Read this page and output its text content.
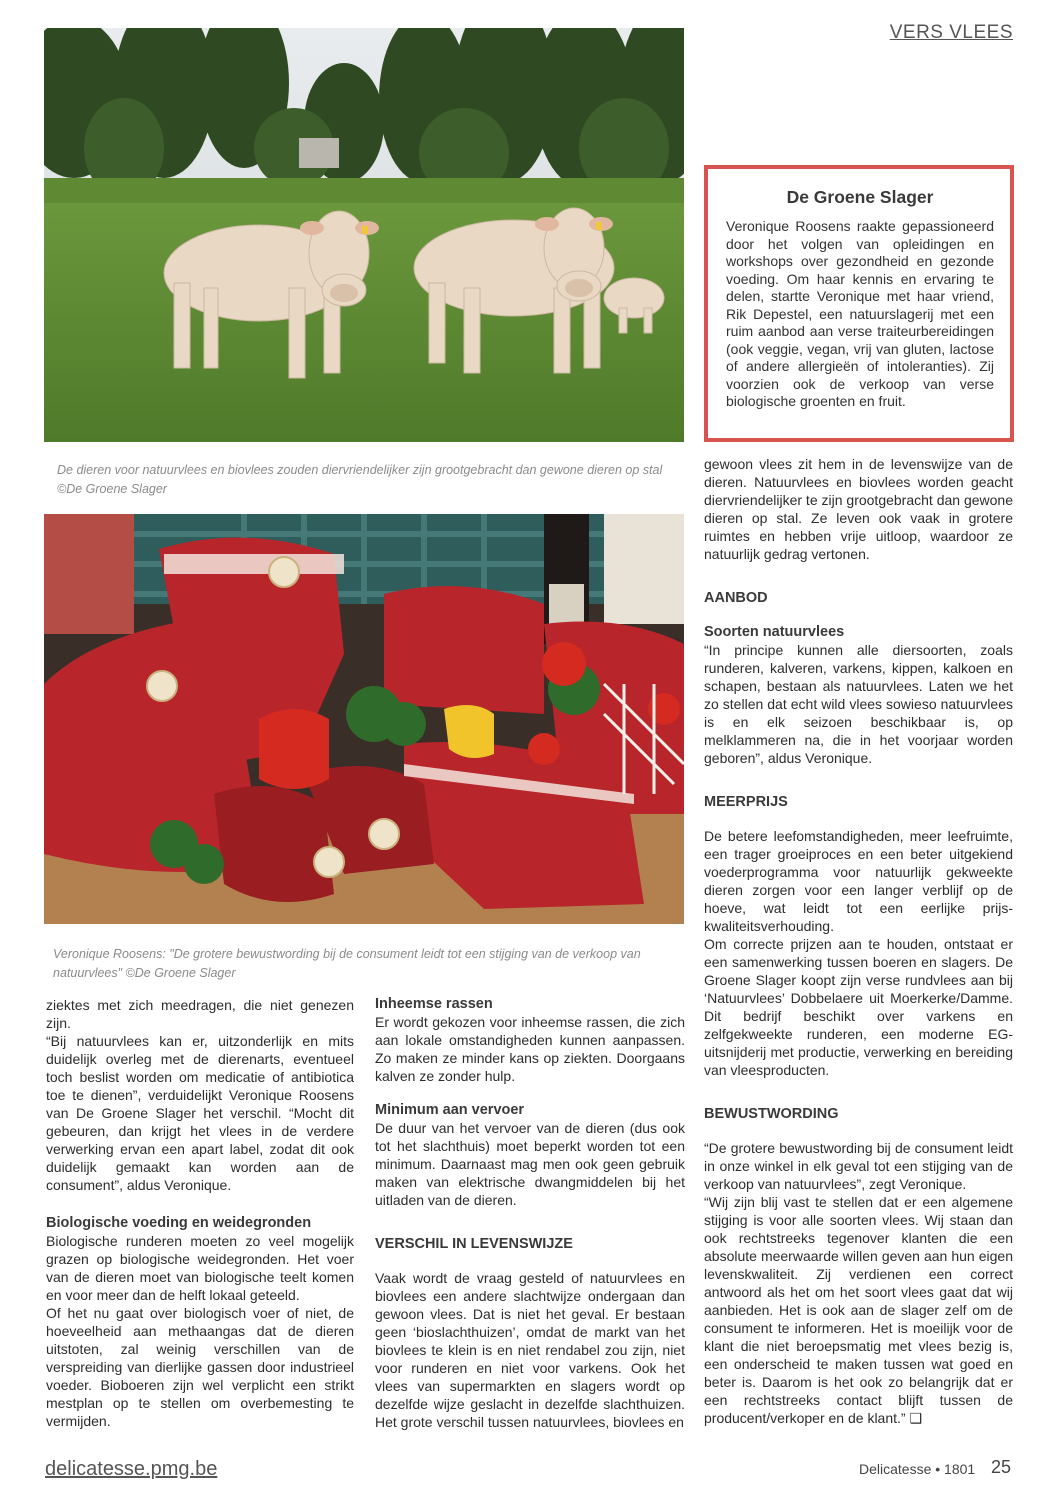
VERS VLEES
De dieren voor natuurvlees en biovlees zouden diervriendelijker zijn grootgebracht dan gewone dieren op stal ©De Groene Slager
Veronique Roosens: "De grotere bewustwording bij de consument leidt tot een stijging van de verkoop van natuurvlees" ©De Groene Slager
De Groene Slager

Veronique Roosens raakte gepassioneerd door het volgen van opleidingen en workshops over gezondheid en gezonde voeding. Om haar kennis en ervaring te delen, startte Veronique met haar vriend, Rik Depestel, een natuurslagerij met een ruim aanbod aan verse traiteurbereidingen (ook veggie, vegan, vrij van gluten, lactose of andere allergieën of intoleranties). Zij voorzien ook de verkoop van verse biologische groenten en fruit.

ziektes met zich meedragen, die niet genezen zijn.

“Bij natuurvlees kan er, uitzonderlijk en mits duidelijk overleg met de dierenarts, eventueel toch beslist worden om medicatie of antibiotica toe te dienen”, verduidelijkt Veronique Roosens van De Groene Slager het verschil. “Mocht dit gebeuren, dan krijgt het vlees in de verdere verwerking ervan een apart label, zodat dit ook duidelijk gemaakt kan worden aan de consument”, aldus Veronique.

Biologische voeding en weidegronden

Biologische runderen moeten zo veel mogelijk grazen op biologische weidegronden. Het voer van de dieren moet van biologische teelt komen en voor meer dan de helft lokaal geteeld.

Of het nu gaat over biologisch voer of niet, de hoeveelheid aan methaangas dat de dieren uitstoten, zal weinig verschillen van de verspreiding van dierlijke gassen door industrieel voeder. Bioboeren zijn wel verplicht een strikt mestplan op te stellen om overbemesting te vermijden.

Inheemse rassen

Er wordt gekozen voor inheemse rassen, die zich aan lokale omstandigheden kunnen aanpassen. Zo maken ze minder kans op ziekten. Doorgaans kalven ze zonder hulp.

Minimum aan vervoer

De duur van het vervoer van de dieren (dus ook tot het slachthuis) moet beperkt worden tot een minimum. Daarnaast mag men ook geen gebruik maken van elektrische dwangmiddelen bij het uitladen van de dieren.

VERSCHIL IN LEVENSWIJZE

Vaak wordt de vraag gesteld of natuurvlees en biovlees een andere slachtwijze ondergaan dan gewoon vlees. Dat is niet het geval. Er bestaan geen ‘bioslachthuizen’, omdat de markt van het biovlees te klein is en niet rendabel zou zijn, niet voor runderen en niet voor varkens. Ook het vlees van supermarkten en slagers wordt op dezelfde wijze geslacht in dezelfde slachthuizen. Het grote verschil tussen natuurvlees, biovlees en

gewoon vlees zit hem in de levenswijze van de dieren. Natuurvlees en biovlees worden geacht diervriendelijker te zijn grootgebracht dan gewone dieren op stal. Ze leven ook vaak in grotere ruimtes en hebben vrije uitloop, waardoor ze natuurlijk gedrag vertonen.

AANBOD
Soorten natuurvlees

“In principe kunnen alle diersoorten, zoals runderen, kalveren, varkens, kippen, kalkoen en schapen, bestaan als natuurvlees. Laten we het zo stellen dat echt wild vlees sowieso natuurvlees is en elk seizoen beschikbaar is, op melklammeren na, die in het voorjaar worden geboren”, aldus Veronique.

MEERPRIJS

De betere leefomstandigheden, meer leefruimte, een trager groeiproces en een beter uitgekiend voederprogramma voor natuurlijk gekweekte dieren zorgen voor een langer verblijf op de hoeve, wat leidt tot een eerlijke prijs-kwaliteitsverhouding.

Om correcte prijzen aan te houden, ontstaat er een samenwerking tussen boeren en slagers. De Groene Slager koopt zijn verse rundvlees aan bij ‘Natuurvlees’ Dobbelaere uit Moerkerke/Damme. Dit bedrijf beschikt over varkens en zelfgekweekte runderen, een moderne EG-uitsnijderij met productie, verwerking en bereiding van vleesproducten.

BEWUSTWORDING

“De grotere bewustwording bij de consument leidt in onze winkel in elk geval tot een stijging van de verkoop van natuurvlees”, zegt Veronique.

“Wij zijn blij vast te stellen dat er een algemene stijging is voor alle soorten vlees. Wij staan dan ook rechtstreeks tegenover klanten die een absolute meerwaarde willen geven aan hun eigen levenskwaliteit. Zij verdienen een correct antwoord als het om het soort vlees gaat dat wij aanbieden. Het is ook aan de slager zelf om de consument te informeren. Het is moeilijk voor de klant die niet beroepsmatig met vlees bezig is, een onderscheid te maken tussen wat goed en beter is. Daarom is het ook zo belangrijk dat er een rechtstreeks contact blijft tussen de producent/verkoper en de klant.” ❑

delicatesse.pmg.be	Delicatesse • 1801 25
